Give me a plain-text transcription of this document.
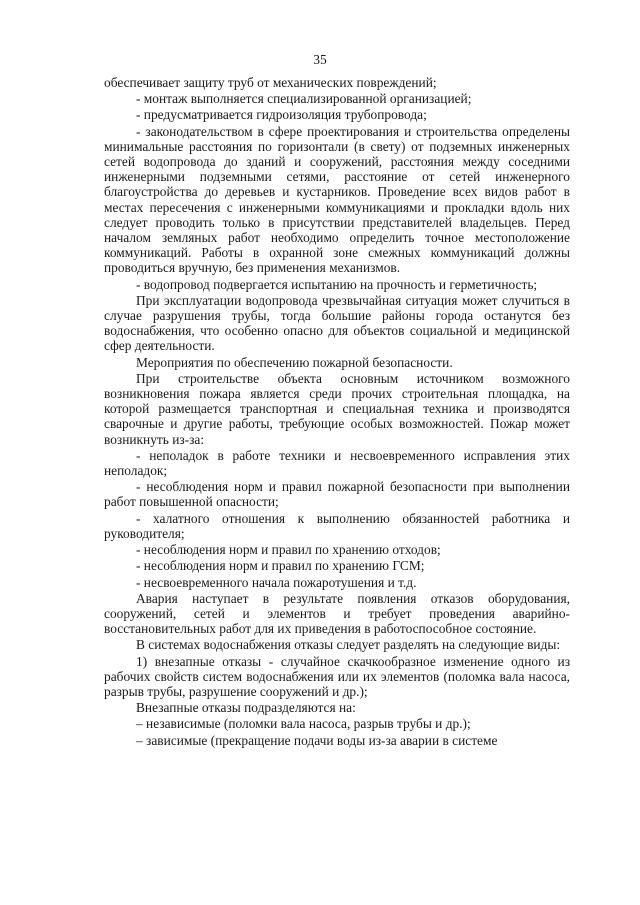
35

обеспечивает защиту труб от механических повреждений;

- монтаж выполняется специализированной организацией;

- предусматривается гидроизоляция трубопровода;

- законодательством в сфере проектирования и строительства определены минимальные расстояния по горизонтали (в свету) от подземных инженерных сетей водопровода до зданий и сооружений, расстояния между соседними инженерными подземными сетями, расстояние от сетей инженерного благоустройства до деревьев и кустарников. Проведение всех видов работ в местах пересечения с инженерными коммуникациями и прокладки вдоль них следует проводить только в присутствии представителей владельцев. Перед началом земляных работ необходимо определить точное местоположение коммуникаций. Работы в охранной зоне смежных коммуникаций должны проводиться вручную, без применения механизмов.

- водопровод подвергается испытанию на прочность и герметичность;

При эксплуатации водопровода чрезвычайная ситуация может случиться в случае разрушения трубы, тогда большие районы города останутся без водоснабжения, что особенно опасно для объектов социальной и медицинской сфер деятельности.

Мероприятия по обеспечению пожарной безопасности.

При строительстве объекта основным источником возможного возникновения пожара является среди прочих строительная площадка, на которой размещается транспортная и специальная техника и производятся сварочные и другие работы, требующие особых возможностей. Пожар может возникнуть из-за:

- неполадок в работе техники и несвоевременного исправления этих неполадок;

- несоблюдения норм и правил пожарной безопасности при выполнении работ повышенной опасности;

- халатного отношения к выполнению обязанностей работника и руководителя;

- несоблюдения норм и правил по хранению отходов;

- несоблюдения норм и правил по хранению ГСМ;

- несвоевременного начала пожаротушения и т.д.

Авария наступает в результате появления отказов оборудования, сооружений, сетей и элементов и требует проведения аварийно-восстановительных работ для их приведения в работоспособное состояние.

В системах водоснабжения отказы следует разделять на следующие виды:

1) внезапные отказы - случайное скачкообразное изменение одного из рабочих свойств систем водоснабжения или их элементов (поломка вала насоса, разрыв трубы, разрушение сооружений и др.);

Внезапные отказы подразделяются на:

– независимые (поломки вала насоса, разрыв трубы и др.);

– зависимые (прекращение подачи воды из-за аварии в системе
